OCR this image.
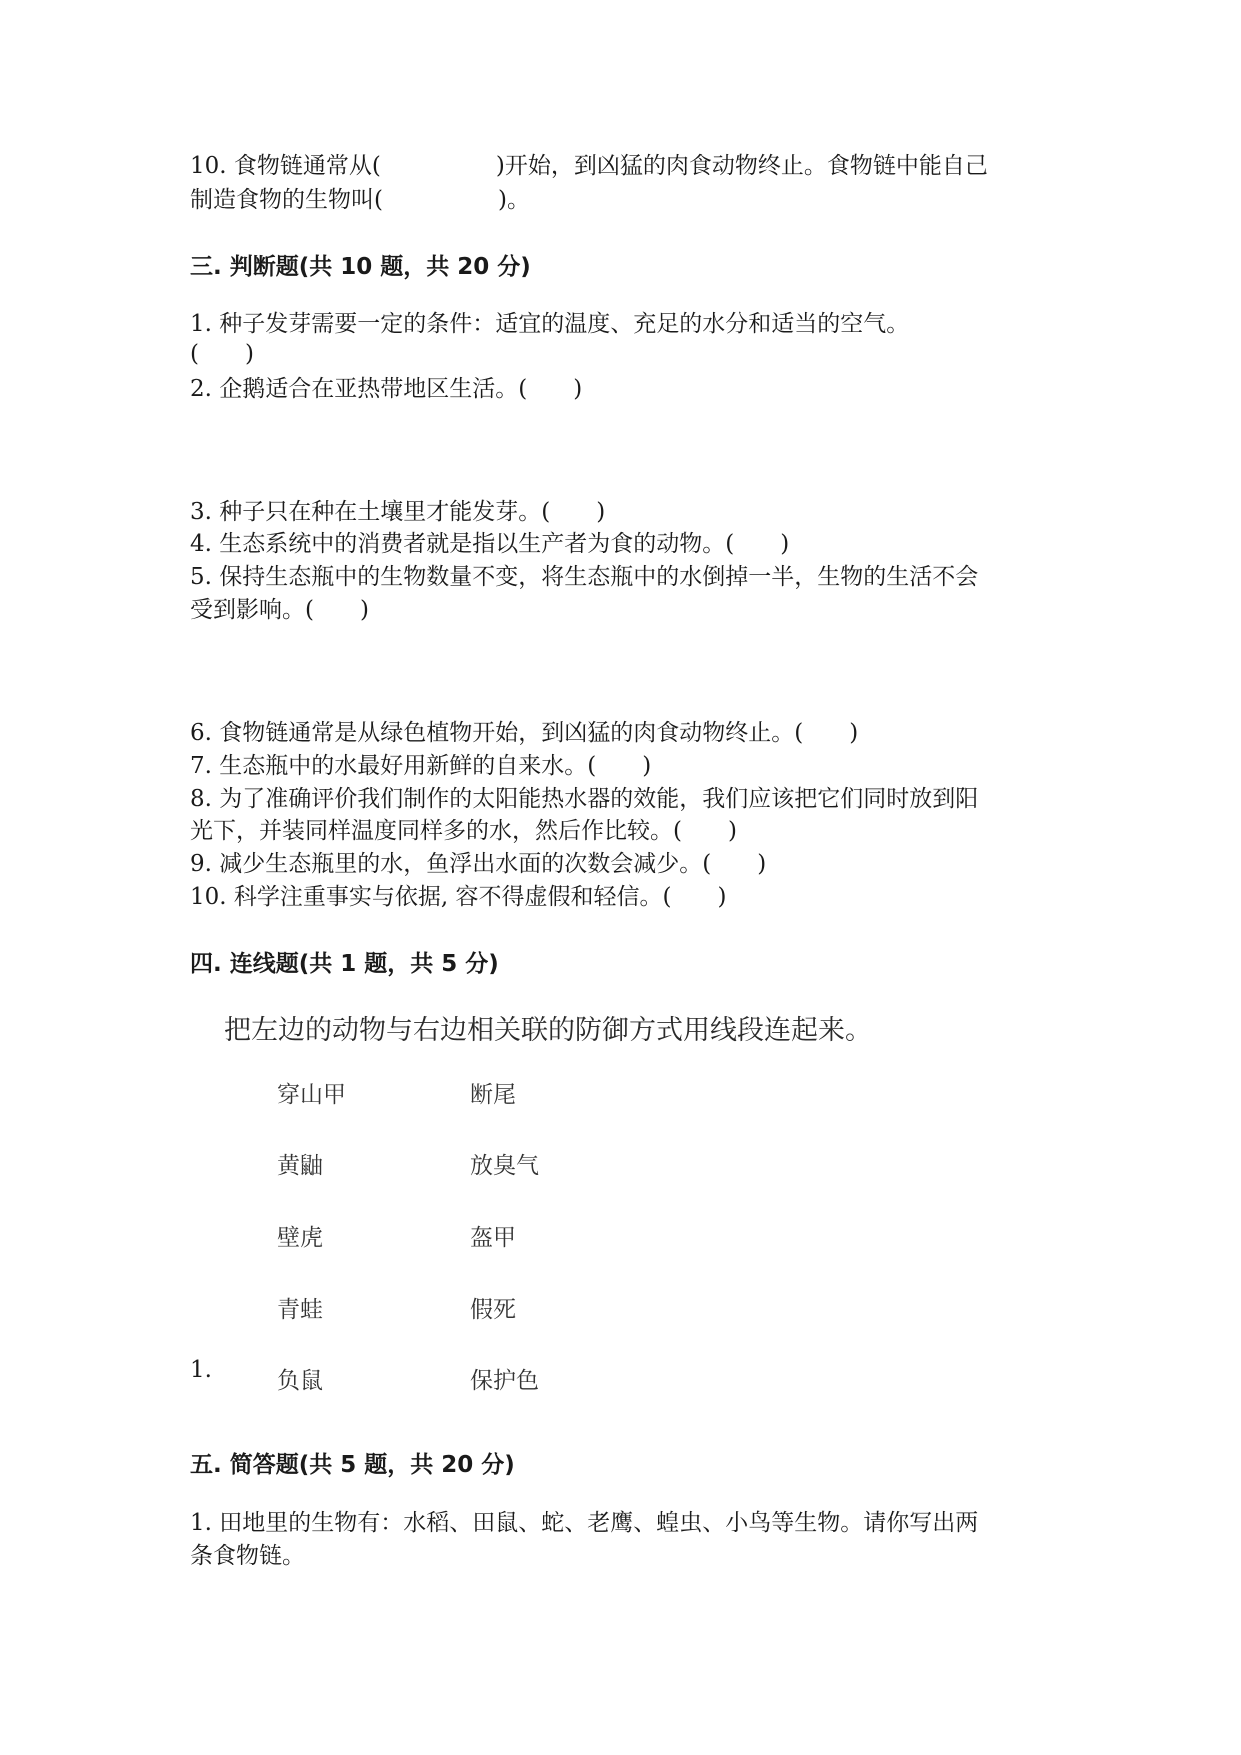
10. 食物链通常从(　　　　　)开始，到凶猛的肉食动物终止。食物链中能自己
制造食物的生物叫(　　　　　)。
三. 判断题(共 10 题，共 20 分)
1. 种子发芽需要一定的条件：适宜的温度、充足的水分和适当的空气。
(　　)
2. 企鹅适合在亚热带地区生活。(　　)
3. 种子只在种在土壤里才能发芽。(　　)
4. 生态系统中的消费者就是指以生产者为食的动物。(　　)
5. 保持生态瓶中的生物数量不变，将生态瓶中的水倒掉一半，生物的生活不会
受到影响。(　　)
6. 食物链通常是从绿色植物开始，到凶猛的肉食动物终止。(　　)
7. 生态瓶中的水最好用新鲜的自来水。(　　)
8. 为了准确评价我们制作的太阳能热水器的效能，我们应该把它们同时放到阳
光下，并装同样温度同样多的水，然后作比较。(　　)
9. 减少生态瓶里的水，鱼浮出水面的次数会减少。(　　)
10. 科学注重事实与依据, 容不得虚假和轻信。(　　)
四. 连线题(共 1 题，共 5 分)
把左边的动物与右边相关联的防御方式用线段连起来。
穿山甲
黄鼬
壁虎
青蛙
负鼠
断尾
放臭气
盔甲
假死
保护色
1.
五. 简答题(共 5 题，共 20 分)
1. 田地里的生物有：水稻、田鼠、蛇、老鹰、蝗虫、小鸟等生物。请你写出两
条食物链。
